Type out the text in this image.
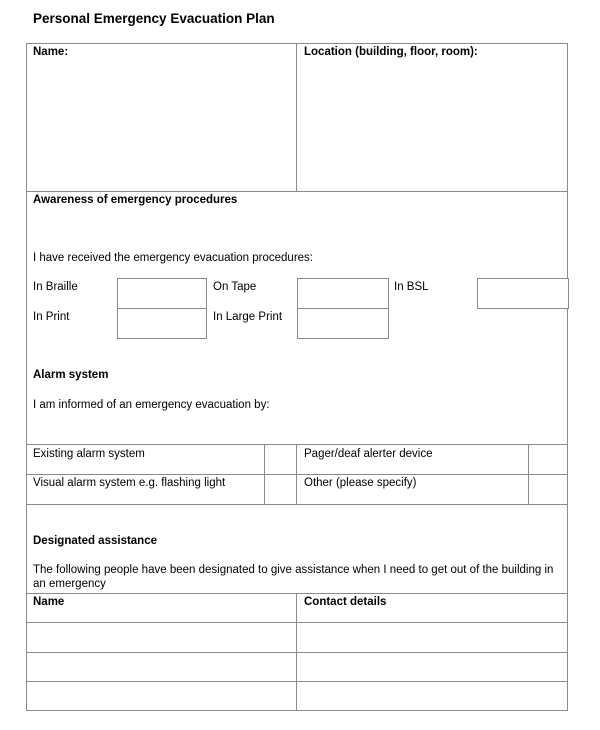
Personal Emergency Evacuation Plan
Name:	Location (building, floor, room):
Awareness of emergency procedures
I have received the emergency evacuation procedures:
In Braille	On Tape	In BSL
In Print	In Large Print
Alarm system
I am informed of an emergency evacuation by:
Existing alarm system	Pager/deaf alerter device
Visual alarm system e.g. flashing light	Other (please specify)
Designated assistance
The following people have been designated to give assistance when I need to get out of the building in an emergency
Name	Contact details
